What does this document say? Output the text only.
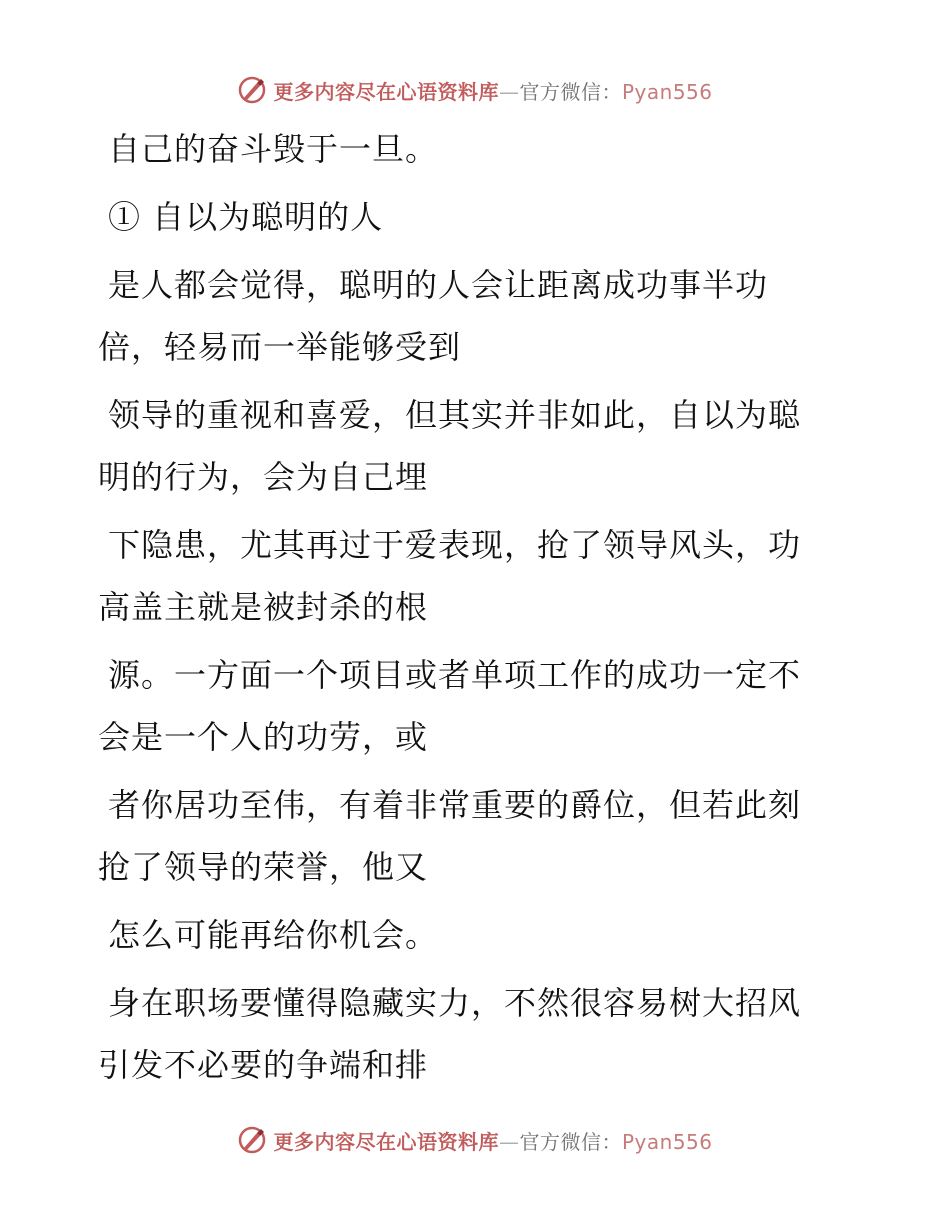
更多内容尽在心语资料库—官方微信：Pyan556
自己的奋斗毁于一旦。
① 自以为聪明的人
是人都会觉得，聪明的人会让距离成功事半功
倍，轻易而一举能够受到
领导的重视和喜爱，但其实并非如此，自以为聪
明的行为，会为自己埋
下隐患，尤其再过于爱表现，抢了领导风头，功
高盖主就是被封杀的根
源。一方面一个项目或者单项工作的成功一定不
会是一个人的功劳，或
者你居功至伟，有着非常重要的爵位，但若此刻
抢了领导的荣誉，他又
怎么可能再给你机会。
身在职场要懂得隐藏实力，不然很容易树大招风
引发不必要的争端和排
更多内容尽在心语资料库—官方微信：Pyan556
